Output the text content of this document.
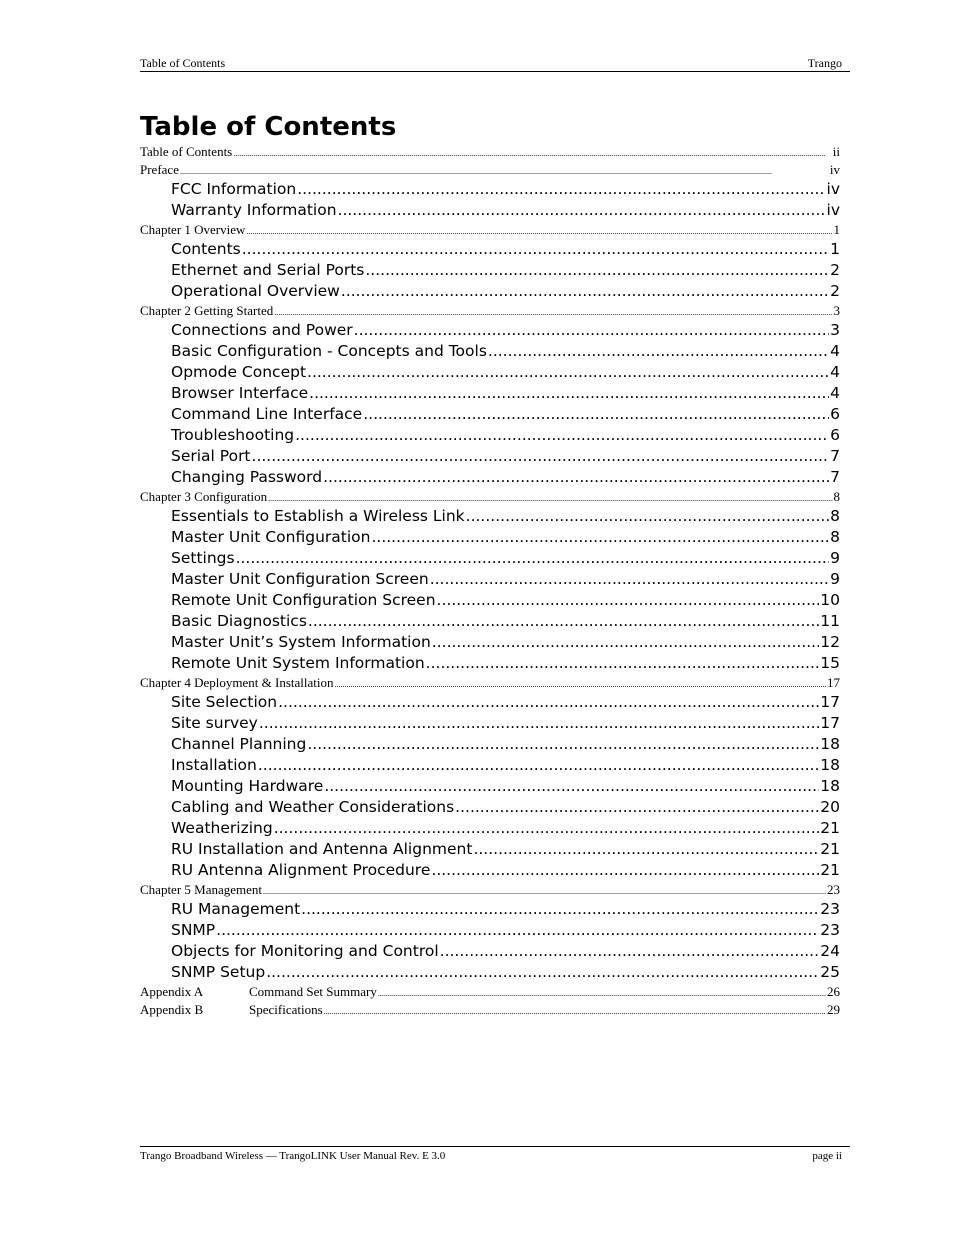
Table of Contents	Trango
Table of Contents
Table of Contents .....	ii
Preface .....	iv
FCC Information .....	iv
Warranty Information .....	iv
Chapter 1 Overview .....	1
Contents .....	1
Ethernet and Serial Ports .....	2
Operational Overview .....	2
Chapter 2 Getting Started .....	3
Connections and Power .....	3
Basic Configuration - Concepts and Tools .....	4
Opmode Concept .....	4
Browser Interface .....	4
Command Line Interface .....	6
Troubleshooting .....	6
Serial Port .....	7
Changing Password .....	7
Chapter 3 Configuration .....	8
Essentials to Establish a Wireless Link .....	8
Master Unit Configuration .....	8
Settings .....	9
Master Unit Configuration Screen .....	9
Remote Unit Configuration Screen .....	10
Basic Diagnostics .....	11
Master Unit’s System Information .....	12
Remote Unit System Information .....	15
Chapter 4 Deployment & Installation .....	17
Site Selection .....	17
Site survey .....	17
Channel Planning .....	18
Installation .....	18
Mounting Hardware .....	18
Cabling and Weather Considerations .....	20
Weatherizing .....	21
RU Installation and Antenna Alignment .....	21
RU Antenna Alignment Procedure .....	21
Chapter 5 Management .....	23
RU Management .....	23
SNMP .....	23
Objects for Monitoring and Control .....	24
SNMP Setup .....	25
Appendix A	Command Set Summary .....	26
Appendix B	Specifications .....	29
Trango Broadband Wireless — TrangoLINK User Manual Rev. E 3.0	page ii
